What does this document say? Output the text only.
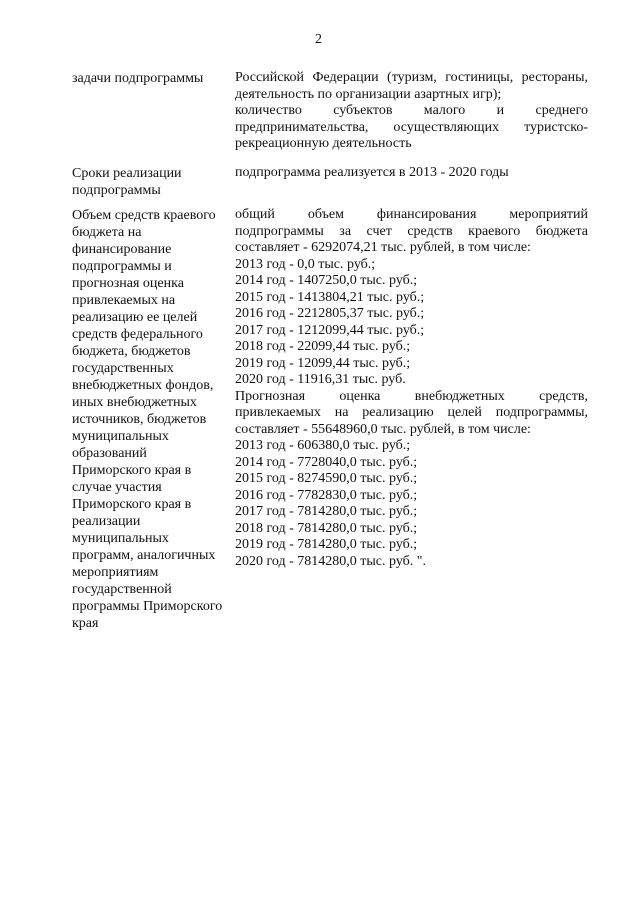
2
задачи подпрограммы	Российской Федерации (туризм, гостиницы, рестораны,
деятельность по организации азартных игр);
количество субъектов малого и среднего
предпринимательства, осуществляющих туристско-
рекреационную деятельность
Сроки реализации
подпрограммы
подпрограмма реализуется в 2013 - 2020 годы
Объем средств краевого
бюджета на
финансирование
подпрограммы и
прогнозная оценка
привлекаемых на
реализацию ее целей
средств федерального
бюджета, бюджетов
государственных
внебюджетных фондов,
иных внебюджетных
источников, бюджетов
муниципальных
образований
Приморского края в
случае участия
Приморского края в
реализации
муниципальных
программ, аналогичных
мероприятиям
государственной
программы Приморского
края
общий объем финансирования мероприятий
подпрограммы за счет средств краевого бюджета
составляет - 6292074,21 тыс. рублей, в том числе:
2013 год - 0,0 тыс. руб.;
2014 год - 1407250,0 тыс. руб.;
2015 год - 1413804,21 тыс. руб.;
2016 год - 2212805,37 тыс. руб.;
2017 год - 1212099,44 тыс. руб.;
2018 год - 22099,44 тыс. руб.;
2019 год - 12099,44 тыс. руб.;
2020 год - 11916,31 тыс. руб.
Прогнозная оценка внебюджетных средств,
привлекаемых на реализацию целей подпрограммы,
составляет - 55648960,0 тыс. рублей, в том числе:
2013 год - 606380,0 тыс. руб.;
2014 год - 7728040,0 тыс. руб.;
2015 год - 8274590,0 тыс. руб.;
2016 год - 7782830,0 тыс. руб.;
2017 год - 7814280,0 тыс. руб.;
2018 год - 7814280,0 тыс. руб.;
2019 год - 7814280,0 тыс. руб.;
2020 год - 7814280,0 тыс. руб. ".
